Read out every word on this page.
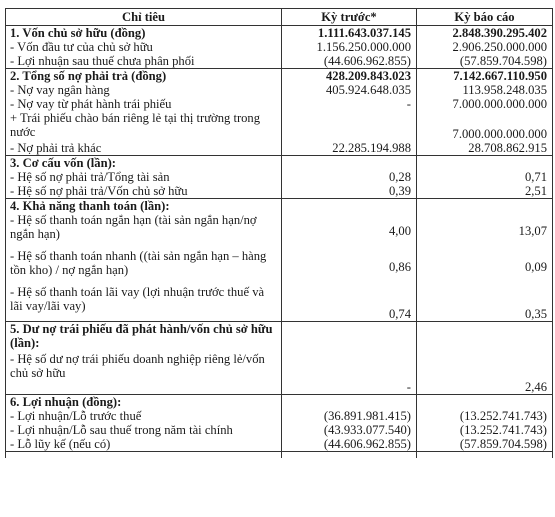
Chỉ tiêu	Kỳ trước*	Kỳ báo cáo
1. Vốn chủ sở hữu (đồng)	1.111.643.037.145	2.848.390.295.402
- Vốn đầu tư của chủ sở hữu	1.156.250.000.000	2.906.250.000.000
- Lợi nhuận sau thuế chưa phân phối	(44.606.962.855)	(57.859.704.598)
2. Tổng số nợ phải trả (đồng)	428.209.843.023	7.142.667.110.950
- Nợ vay ngân hàng	405.924.648.035	113.958.248.035
- Nợ vay từ phát hành trái phiếu	-	7.000.000.000.000
+ Trái phiếu chào bán riêng lẻ tại thị trường trong nước		7.000.000.000.000
- Nợ phải trả khác	22.285.194.988	28.708.862.915
3. Cơ cấu vốn (lần):		
- Hệ số nợ phải trả/Tổng tài sản	0,28	0,71
- Hệ số nợ phải trả/Vốn chủ sở hữu	0,39	2,51
4. Khả năng thanh toán (lần):		
- Hệ số thanh toán ngắn hạn (tài sản ngắn hạn/nợ ngắn hạn)	4,00	13,07
- Hệ số thanh toán nhanh ((tài sản ngắn hạn – hàng tồn kho) / nợ ngắn hạn)	0,86	0,09
- Hệ số thanh toán lãi vay (lợi nhuận trước thuế và lãi vay/lãi vay)	0,74	0,35
5. Dư nợ trái phiếu đã phát hành/vốn chủ sở hữu (lần):		
- Hệ số dư nợ trái phiếu doanh nghiệp riêng lẻ/vốn chủ sở hữu	-	2,46
6. Lợi nhuận (đồng):		
- Lợi nhuận/Lỗ trước thuế	(36.891.981.415)	(13.252.741.743)
- Lợi nhuận/Lỗ sau thuế trong năm tài chính	(43.933.077.540)	(13.252.741.743)
- Lỗ lũy kế (nếu có)	(44.606.962.855)	(57.859.704.598)
